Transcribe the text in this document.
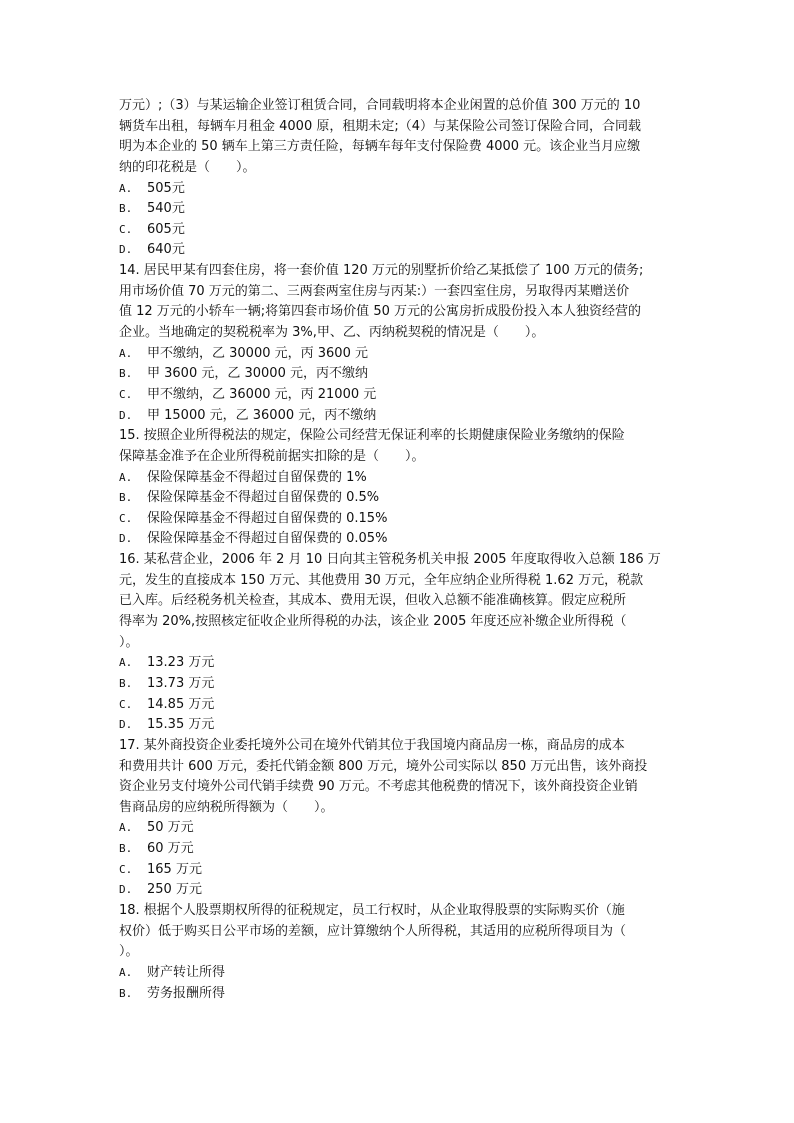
万元）;（3）与某运输企业签订租赁合同，合同载明将本企业闲置的总价值 300 万元的 10
辆货车出租，每辆车月租金 4000 原，租期未定;（4）与某保险公司签订保险合同，合同载
明为本企业的 50 辆车上第三方责任险，每辆车每年支付保险费 4000 元。该企业当月应缴
纳的印花税是（　　）。
A.	505元
B.	540元
C.	605元
D.	640元
14. 居民甲某有四套住房，将一套价值 120 万元的别墅折价给乙某抵偿了 100 万元的债务;
用市场价值 70 万元的第二、三两套两室住房与丙某:）一套四室住房，另取得丙某赠送价
值 12 万元的小轿车一辆;将第四套市场价值 50 万元的公寓房折成股份投入本人独资经营的
企业。当地确定的契税税率为 3%,甲、乙、丙纳税契税的情况是（　　）。
A.	甲不缴纳，乙 30000 元，丙 3600 元
B.	甲 3600 元，乙 30000 元，丙不缴纳
C.	甲不缴纳，乙 36000 元，丙 21000 元
D.	甲 15000 元，乙 36000 元，丙不缴纳
15. 按照企业所得税法的规定，保险公司经营无保证利率的长期健康保险业务缴纳的保险
保障基金准予在企业所得税前据实扣除的是（　　）。
A.	保险保障基金不得超过自留保费的 1%
B.	保险保障基金不得超过自留保费的 0.5%
C.	保险保障基金不得超过自留保费的 0.15%
D.	保险保障基金不得超过自留保费的 0.05%
16. 某私营企业，2006 年 2 月 10 日向其主管税务机关申报 2005 年度取得收入总额 186 万
元，发生的直接成本 150 万元、其他费用 30 万元，全年应纳企业所得税 1.62 万元，税款
已入库。后经税务机关检查，其成本、费用无误，但收入总额不能准确核算。假定应税所
得率为 20%,按照核定征收企业所得税的办法，该企业 2005 年度还应补缴企业所得税（
）。
A.	13.23 万元
B.	13.73 万元
C.	14.85 万元
D.	15.35 万元
17. 某外商投资企业委托境外公司在境外代销其位于我国境内商品房一栋，商品房的成本
和费用共计 600 万元，委托代销金额 800 万元，境外公司实际以 850 万元出售，该外商投
资企业另支付境外公司代销手续费 90 万元。不考虑其他税费的情况下，该外商投资企业销
售商品房的应纳税所得额为（　　）。
A.	50 万元
B.	60 万元
C.	165 万元
D.	250 万元
18. 根据个人股票期权所得的征税规定，员工行权时，从企业取得股票的实际购买价（施
权价）低于购买日公平市场的差额，应计算缴纳个人所得税，其适用的应税所得项目为（
）。
A.	财产转让所得
B.	劳务报酬所得
